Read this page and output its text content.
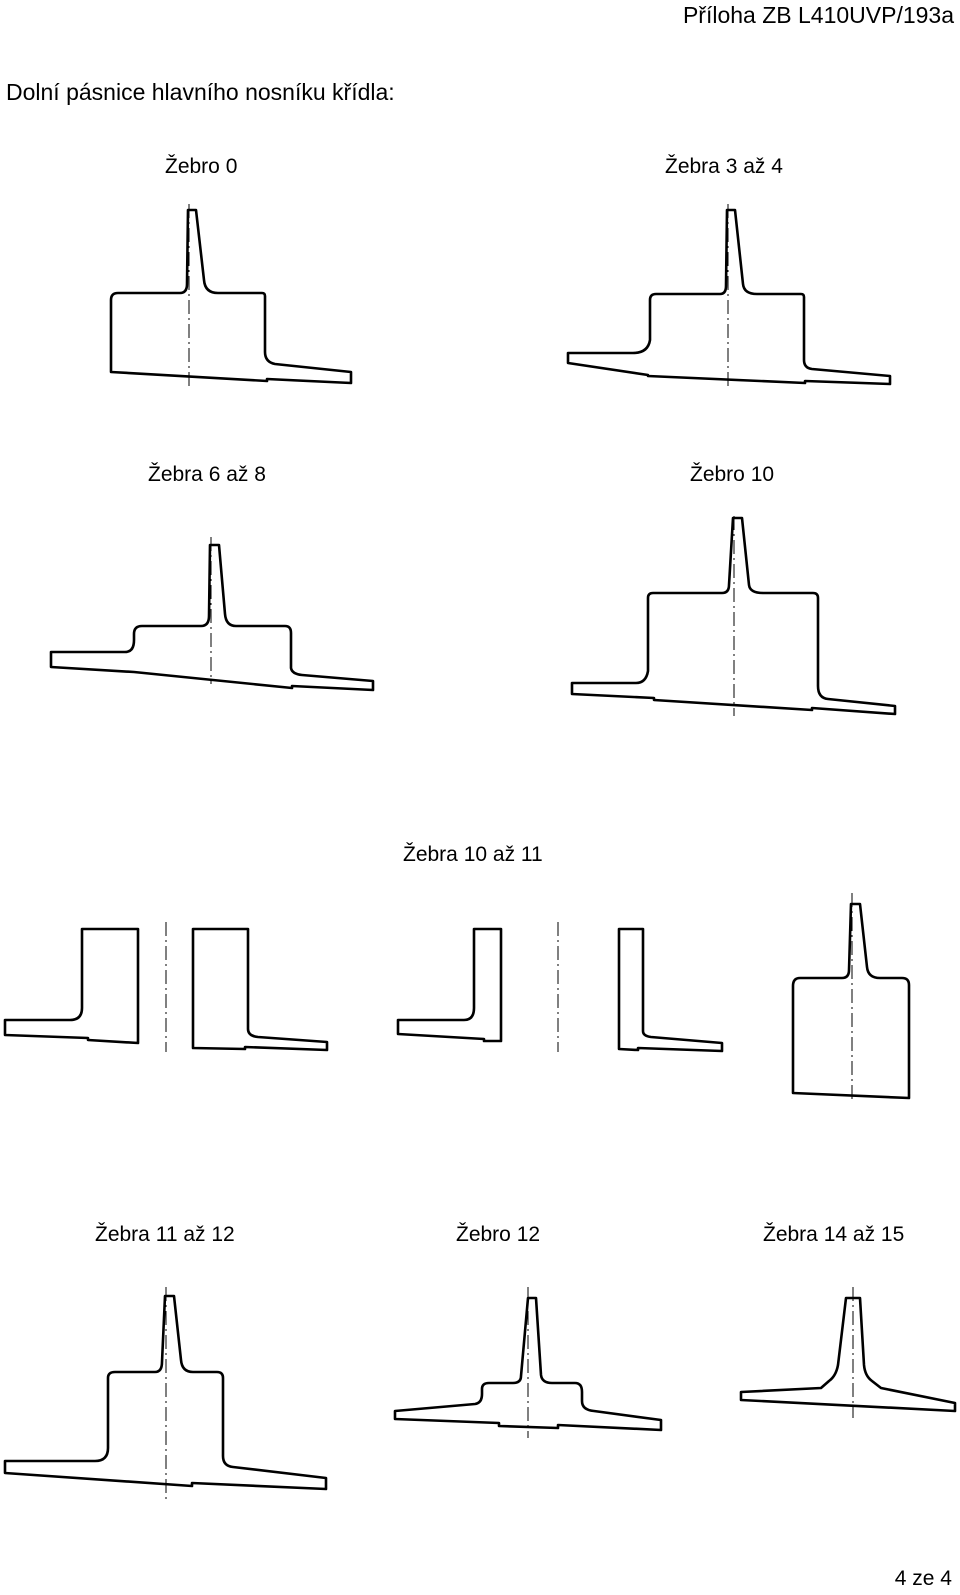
Příloha ZB L410UVP/193a
Dolní pásnice hlavního nosníku křídla:
Žebro 0	Žebra 3 až 4
Žebra 6 až 8	Žebro 10
Žebra 10 až 11
Žebra 11 až 12	Žebro 12	Žebra 14 až 15
4 ze 4
